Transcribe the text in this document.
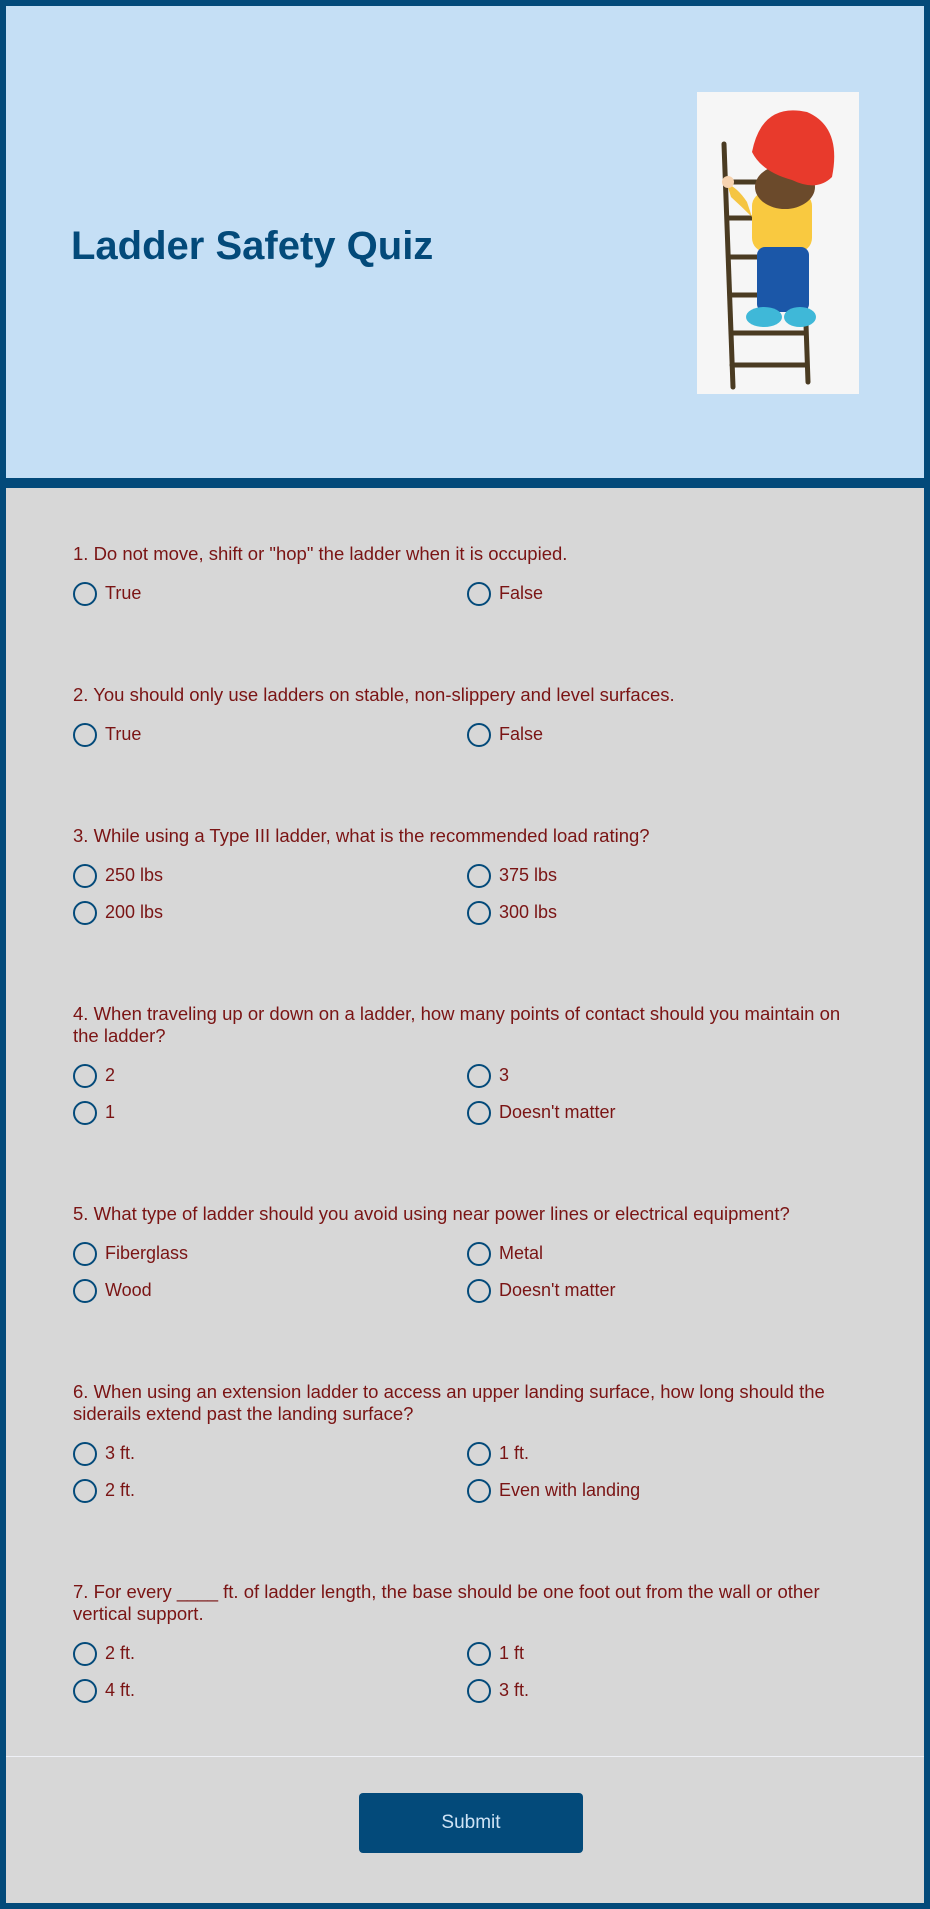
Ladder Safety Quiz
1. Do not move, shift or "hop" the ladder when it is occupied.
True	False
2. You should only use ladders on stable, non-slippery and level surfaces.
True	False
3. While using a Type III ladder, what is the recommended load rating?
250 lbs	375 lbs
200 lbs	300 lbs
4. When traveling up or down on a ladder, how many points of contact should you maintain on the ladder?
2	3
1	Doesn't matter
5. What type of ladder should you avoid using near power lines or electrical equipment?
Fiberglass	Metal
Wood	Doesn't matter
6. When using an extension ladder to access an upper landing surface, how long should the siderails extend past the landing surface?
3 ft.	1 ft.
2 ft.	Even with landing
7. For every ____ ft. of ladder length, the base should be one foot out from the wall or other vertical support.
2 ft.	1 ft
4 ft.	3 ft.
Submit
